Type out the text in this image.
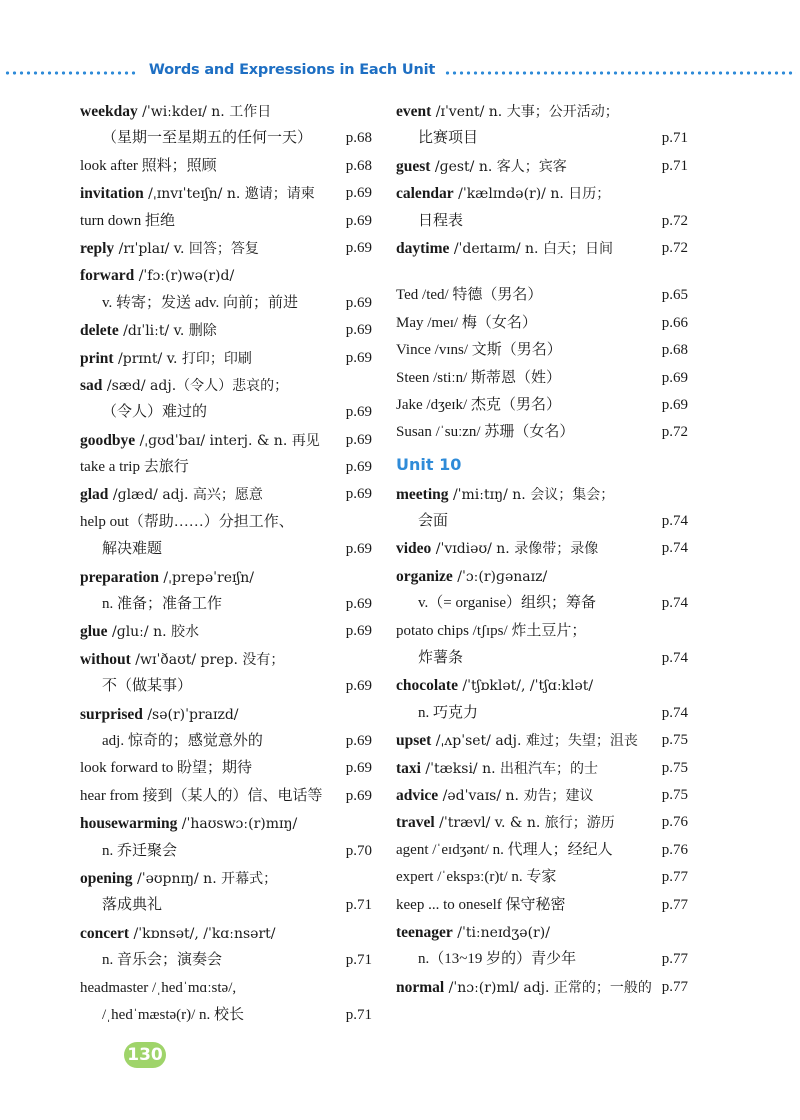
Words and Expressions in Each Unit
weekday /ˈwiːkdeɪ/ n. 工作日
（星期一至星期五的任何一天） p.68
look after 照料；照顾	p.68
invitation /ˌɪnvɪˈteɪʃn/ n. 邀请；请柬 p.69
turn down 拒绝	p.69
reply /rɪˈplaɪ/ v. 回答；答复	p.69
forward /ˈfɔː(r)wə(r)d/
v. 转寄；发送 adv. 向前；前进	p.69
delete /dɪˈliːt/ v. 删除	p.69
print /prɪnt/ v. 打印；印刷	p.69
sad /sæd/ adj.（令人）悲哀的；
（令人）难过的	p.69
goodbye /ˌɡʊdˈbaɪ/ interj. & n. 再见 p.69
take a trip 去旅行	p.69
glad /ɡlæd/ adj. 高兴；愿意	p.69
help out（帮助……）分担工作、
解决难题	p.69
preparation /ˌprepəˈreɪʃn/
n. 准备；准备工作	p.69
glue /ɡluː/ n. 胶水	p.69
without /wɪˈðaʊt/ prep. 没有；
不（做某事）	p.69
surprised /sə(r)ˈpraɪzd/
adj. 惊奇的；感觉意外的	p.69
look forward to 盼望；期待	p.69
hear from 接到（某人的）信、电话等 p.69
housewarming /ˈhaʊswɔː(r)mɪŋ/
n. 乔迁聚会	p.70
opening /ˈəʊpnɪŋ/ n. 开幕式；
落成典礼	p.71
concert /ˈkɒnsət/, /ˈkɑːnsərt/
n. 音乐会；演奏会	p.71
headmaster /ˌhedˈmɑːstə/,
/ˌhedˈmæstə(r)/ n. 校长	p.71
event /ɪˈvent/ n. 大事；公开活动；
比赛项目	p.71
guest /ɡest/ n. 客人；宾客	p.71
calendar /ˈkælɪndə(r)/ n. 日历；
日程表	p.72
daytime /ˈdeɪtaɪm/ n. 白天；日间	p.72
Ted /ted/ 特德（男名）	p.65
May /meɪ/ 梅（女名）	p.66
Vince /vɪns/ 文斯（男名）	p.68
Steen /stiːn/ 斯蒂恩（姓）	p.69
Jake /dʒeɪk/ 杰克（男名）	p.69
Susan /ˈsuːzn/ 苏珊（女名）	p.72
Unit 10
meeting /ˈmiːtɪŋ/ n. 会议；集会；
会面	p.74
video /ˈvɪdiəʊ/ n. 录像带；录像	p.74
organize /ˈɔː(r)ɡənaɪz/
v.（= organise）组织；筹备	p.74
potato chips /tʃɪps/ 炸土豆片；
炸薯条	p.74
chocolate /ˈtʃɒklət/, /ˈtʃɑːklət/
n. 巧克力	p.74
upset /ˌʌpˈset/ adj. 难过；失望；沮丧 p.75
taxi /ˈtæksi/ n. 出租汽车；的士	p.75
advice /ədˈvaɪs/ n. 劝告；建议	p.75
travel /ˈtrævl/ v. & n. 旅行；游历	p.76
agent /ˈeɪdʒənt/ n. 代理人；经纪人	p.76
expert /ˈekspɜː(r)t/ n. 专家	p.77
keep ... to oneself 保守秘密	p.77
teenager /ˈtiːneɪdʒə(r)/
n.（13~19 岁的）青少年	p.77
normal /ˈnɔː(r)ml/ adj. 正常的；一般的 p.77
130
